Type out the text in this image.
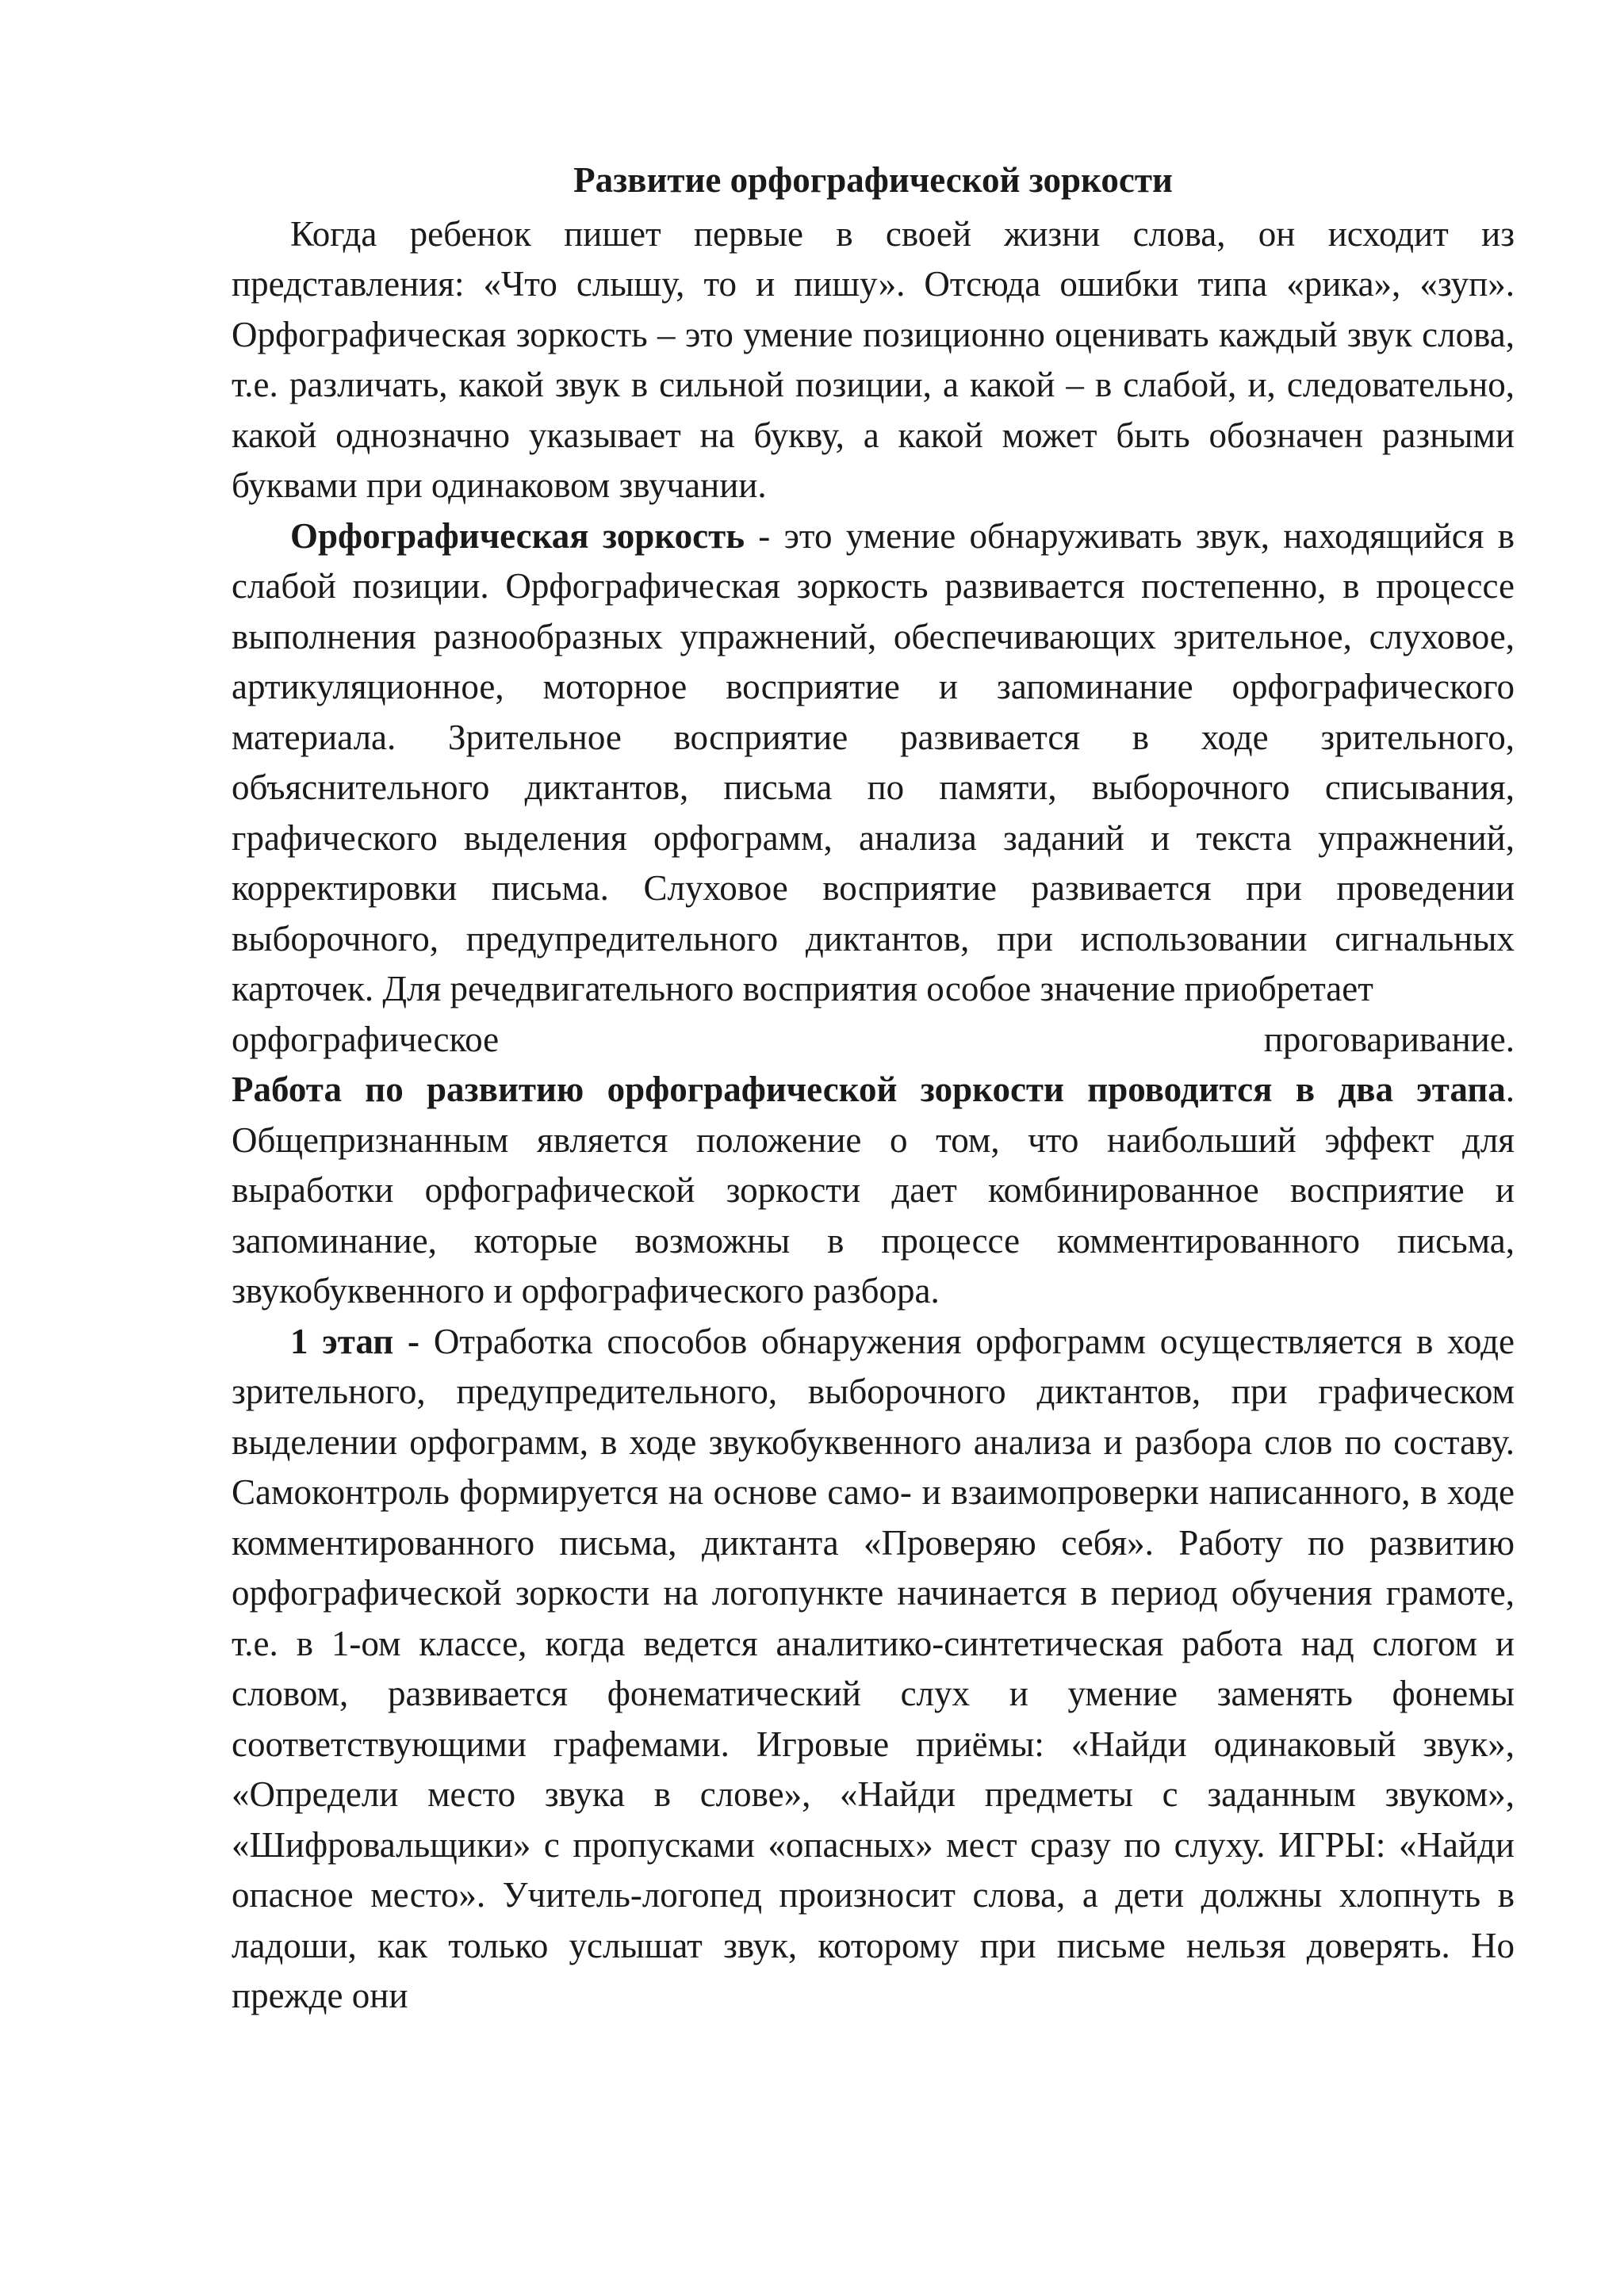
Развитие орфографической зоркости

Когда ребенок пишет первые в своей жизни слова, он исходит из представления: «Что слышу, то и пишу». Отсюда ошибки типа «рика», «зуп». Орфографическая зоркость – это умение позиционно оценивать каждый звук слова, т.е. различать, какой звук в сильной позиции, а какой – в слабой, и, следовательно, какой однозначно указывает на букву, а какой может быть обозначен разными буквами при одинаковом звучании.

Орфографическая зоркость - это умение обнаруживать звук, находящийся в слабой позиции. Орфографическая зоркость развивается постепенно, в процессе выполнения разнообразных упражнений, обеспечивающих зрительное, слуховое, артикуляционное, моторное восприятие и запоминание орфографического материала. Зрительное восприятие развивается в ходе зрительного, объяснительного диктантов, письма по памяти, выборочного списывания, графического выделения орфограмм, анализа заданий и текста упражнений, корректировки письма. Слуховое восприятие развивается при проведении выборочного, предупредительного диктантов, при использовании сигнальных карточек. Для речедвигательного восприятия особое значение приобретает

орфографическое	проговаривание.

Работа по развитию орфографической зоркости проводится в два этапа. Общепризнанным является положение о том, что наибольший эффект для выработки орфографической зоркости дает комбинированное восприятие и запоминание, которые возможны в процессе комментированного письма, звукобуквенного и орфографического разбора.

1 этап - Отработка способов обнаружения орфограмм осуществляется в ходе зрительного, предупредительного, выборочного диктантов, при графическом выделении орфограмм, в ходе звукобуквенного анализа и разбора слов по составу. Самоконтроль формируется на основе само- и взаимопроверки написанного, в ходе комментированного письма, диктанта «Проверяю себя». Работу по развитию орфографической зоркости на логопункте начинается в период обучения грамоте, т.е. в 1-ом классе, когда ведется аналитико-синтетическая работа над слогом и словом, развивается фонематический слух и умение заменять фонемы соответствующими графемами. Игровые приёмы: «Найди одинаковый звук», «Определи место звука в слове», «Найди предметы с заданным звуком», «Шифровальщики» с пропусками «опасных» мест сразу по слуху. ИГРЫ: «Найди опасное место». Учитель-логопед произносит слова, а дети должны хлопнуть в ладоши, как только услышат звук, которому при письме нельзя доверять. Но прежде они
